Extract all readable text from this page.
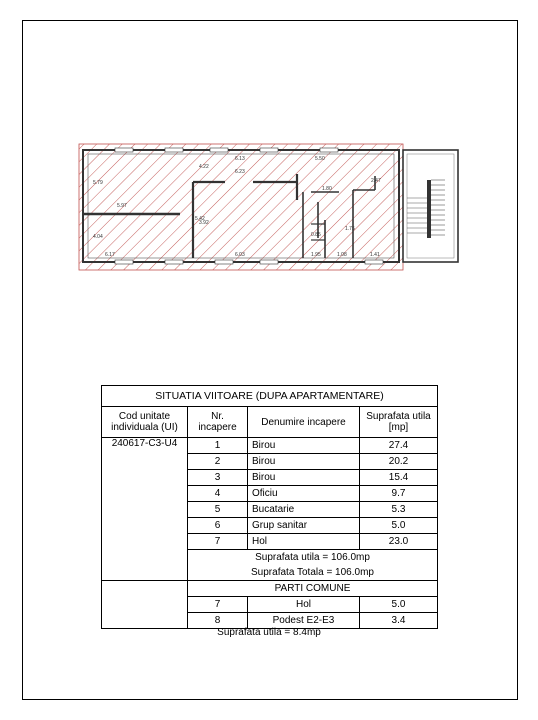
6.13	5.50
6.23
2.47
5.97
5.42
6.17	6.03
1.80
1.41
1.95	1.08
0.85
5.79
4.04
4.22
3.92
1.75
SITUATIA VIITOARE (DUPA APARTAMENTARE)			
Cod unitate individuala (UI)	Nr. incapere	Denumire incapere	Suprafata utila [mp]
240617-C3-U4	1	Birou	27.4
	2	Birou	20.2
	3	Birou	15.4
	4	Oficiu	9.7
	5	Bucatarie	5.3
	6	Grup sanitar	5.0
	7	Hol	23.0
	Suprafata utila = 106.0mp		
	Suprafata Totala = 106.0mp		
	PARTI COMUNE		
	7	Hol	5.0
	8	Podest E2-E3	3.4
Suprafata utila = 8.4mp
